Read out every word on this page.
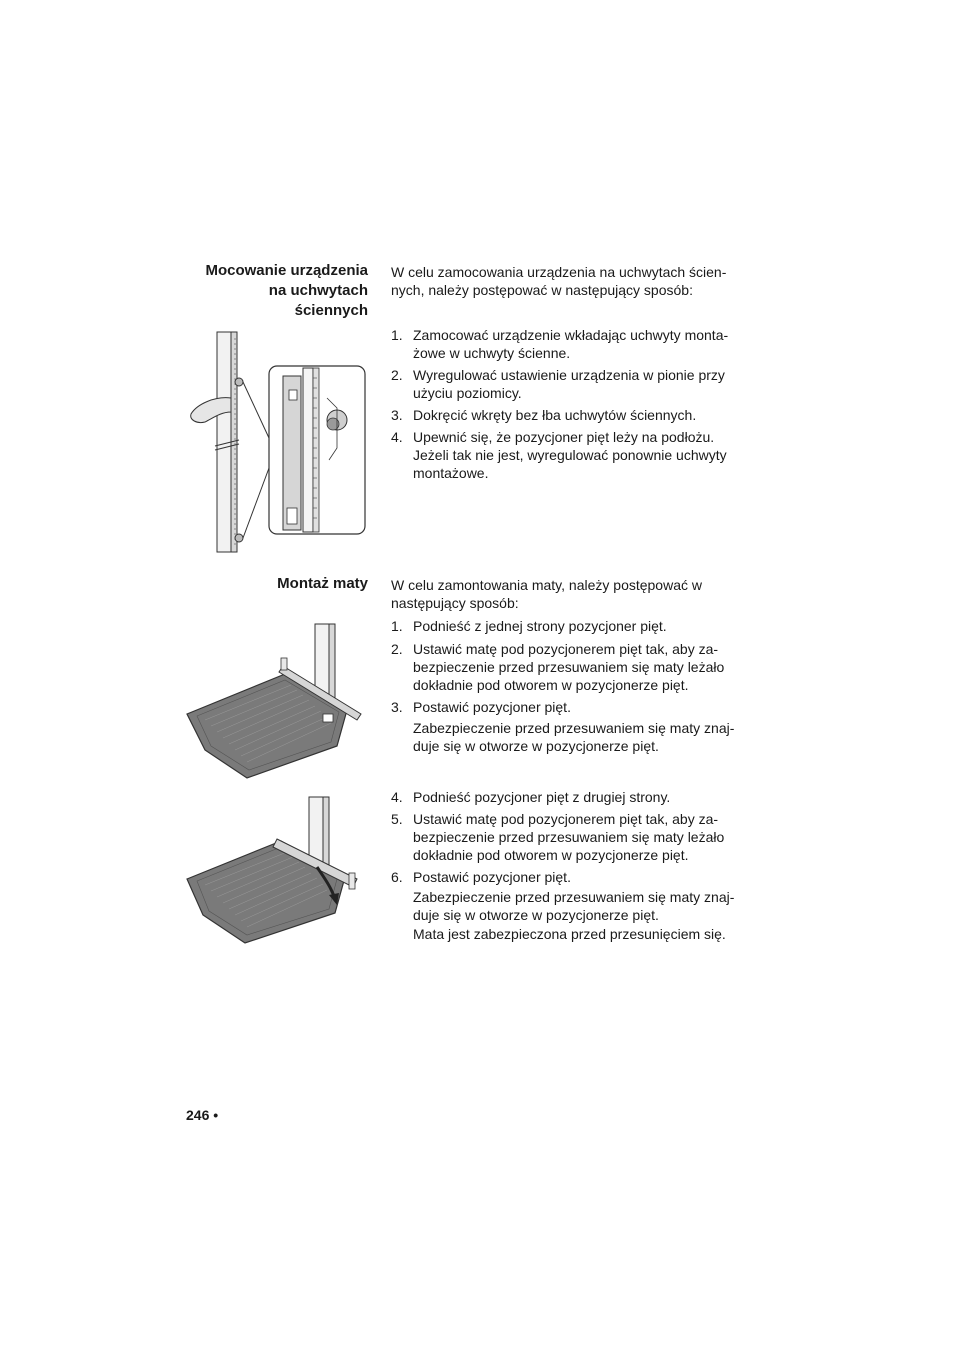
Mocowanie urządzenia
na uchwytach
ściennych
W celu zamocowania urządzenia na uchwytach ścien-
nych, należy postępować w następujący sposób:
1. Zamocować urządzenie wkładając uchwyty monta-
żowe w uchwyty ścienne.
2. Wyregulować ustawienie urządzenia w pionie przy
użyciu poziomicy.
3. Dokręcić wkręty bez łba uchwytów ściennych.
4. Upewnić się, że pozycjoner pięt leży na podłożu.
Jeżeli tak nie jest, wyregulować ponownie uchwyty
montażowe.
Montaż maty W celu zamontowania maty, należy postępować w
następujący sposób:
1. Podnieść z jednej strony pozycjoner pięt.
2. Ustawić matę pod pozycjonerem pięt tak, aby za-
bezpieczenie przed przesuwaniem się maty leżało
dokładnie pod otworem w pozycjonerze pięt.
3. Postawić pozycjoner pięt.
Zabezpieczenie przed przesuwaniem się maty znaj-
duje się w otworze w pozycjonerze pięt.
4. Podnieść pozycjoner pięt z drugiej strony.
5. Ustawić matę pod pozycjonerem pięt tak, aby za-
bezpieczenie przed przesuwaniem się maty leżało
dokładnie pod otworem w pozycjonerze pięt.
6. Postawić pozycjoner pięt.
Zabezpieczenie przed przesuwaniem się maty znaj-
duje się w otworze w pozycjonerze pięt.
Mata jest zabezpieczona przed przesunięciem się.
246 •
